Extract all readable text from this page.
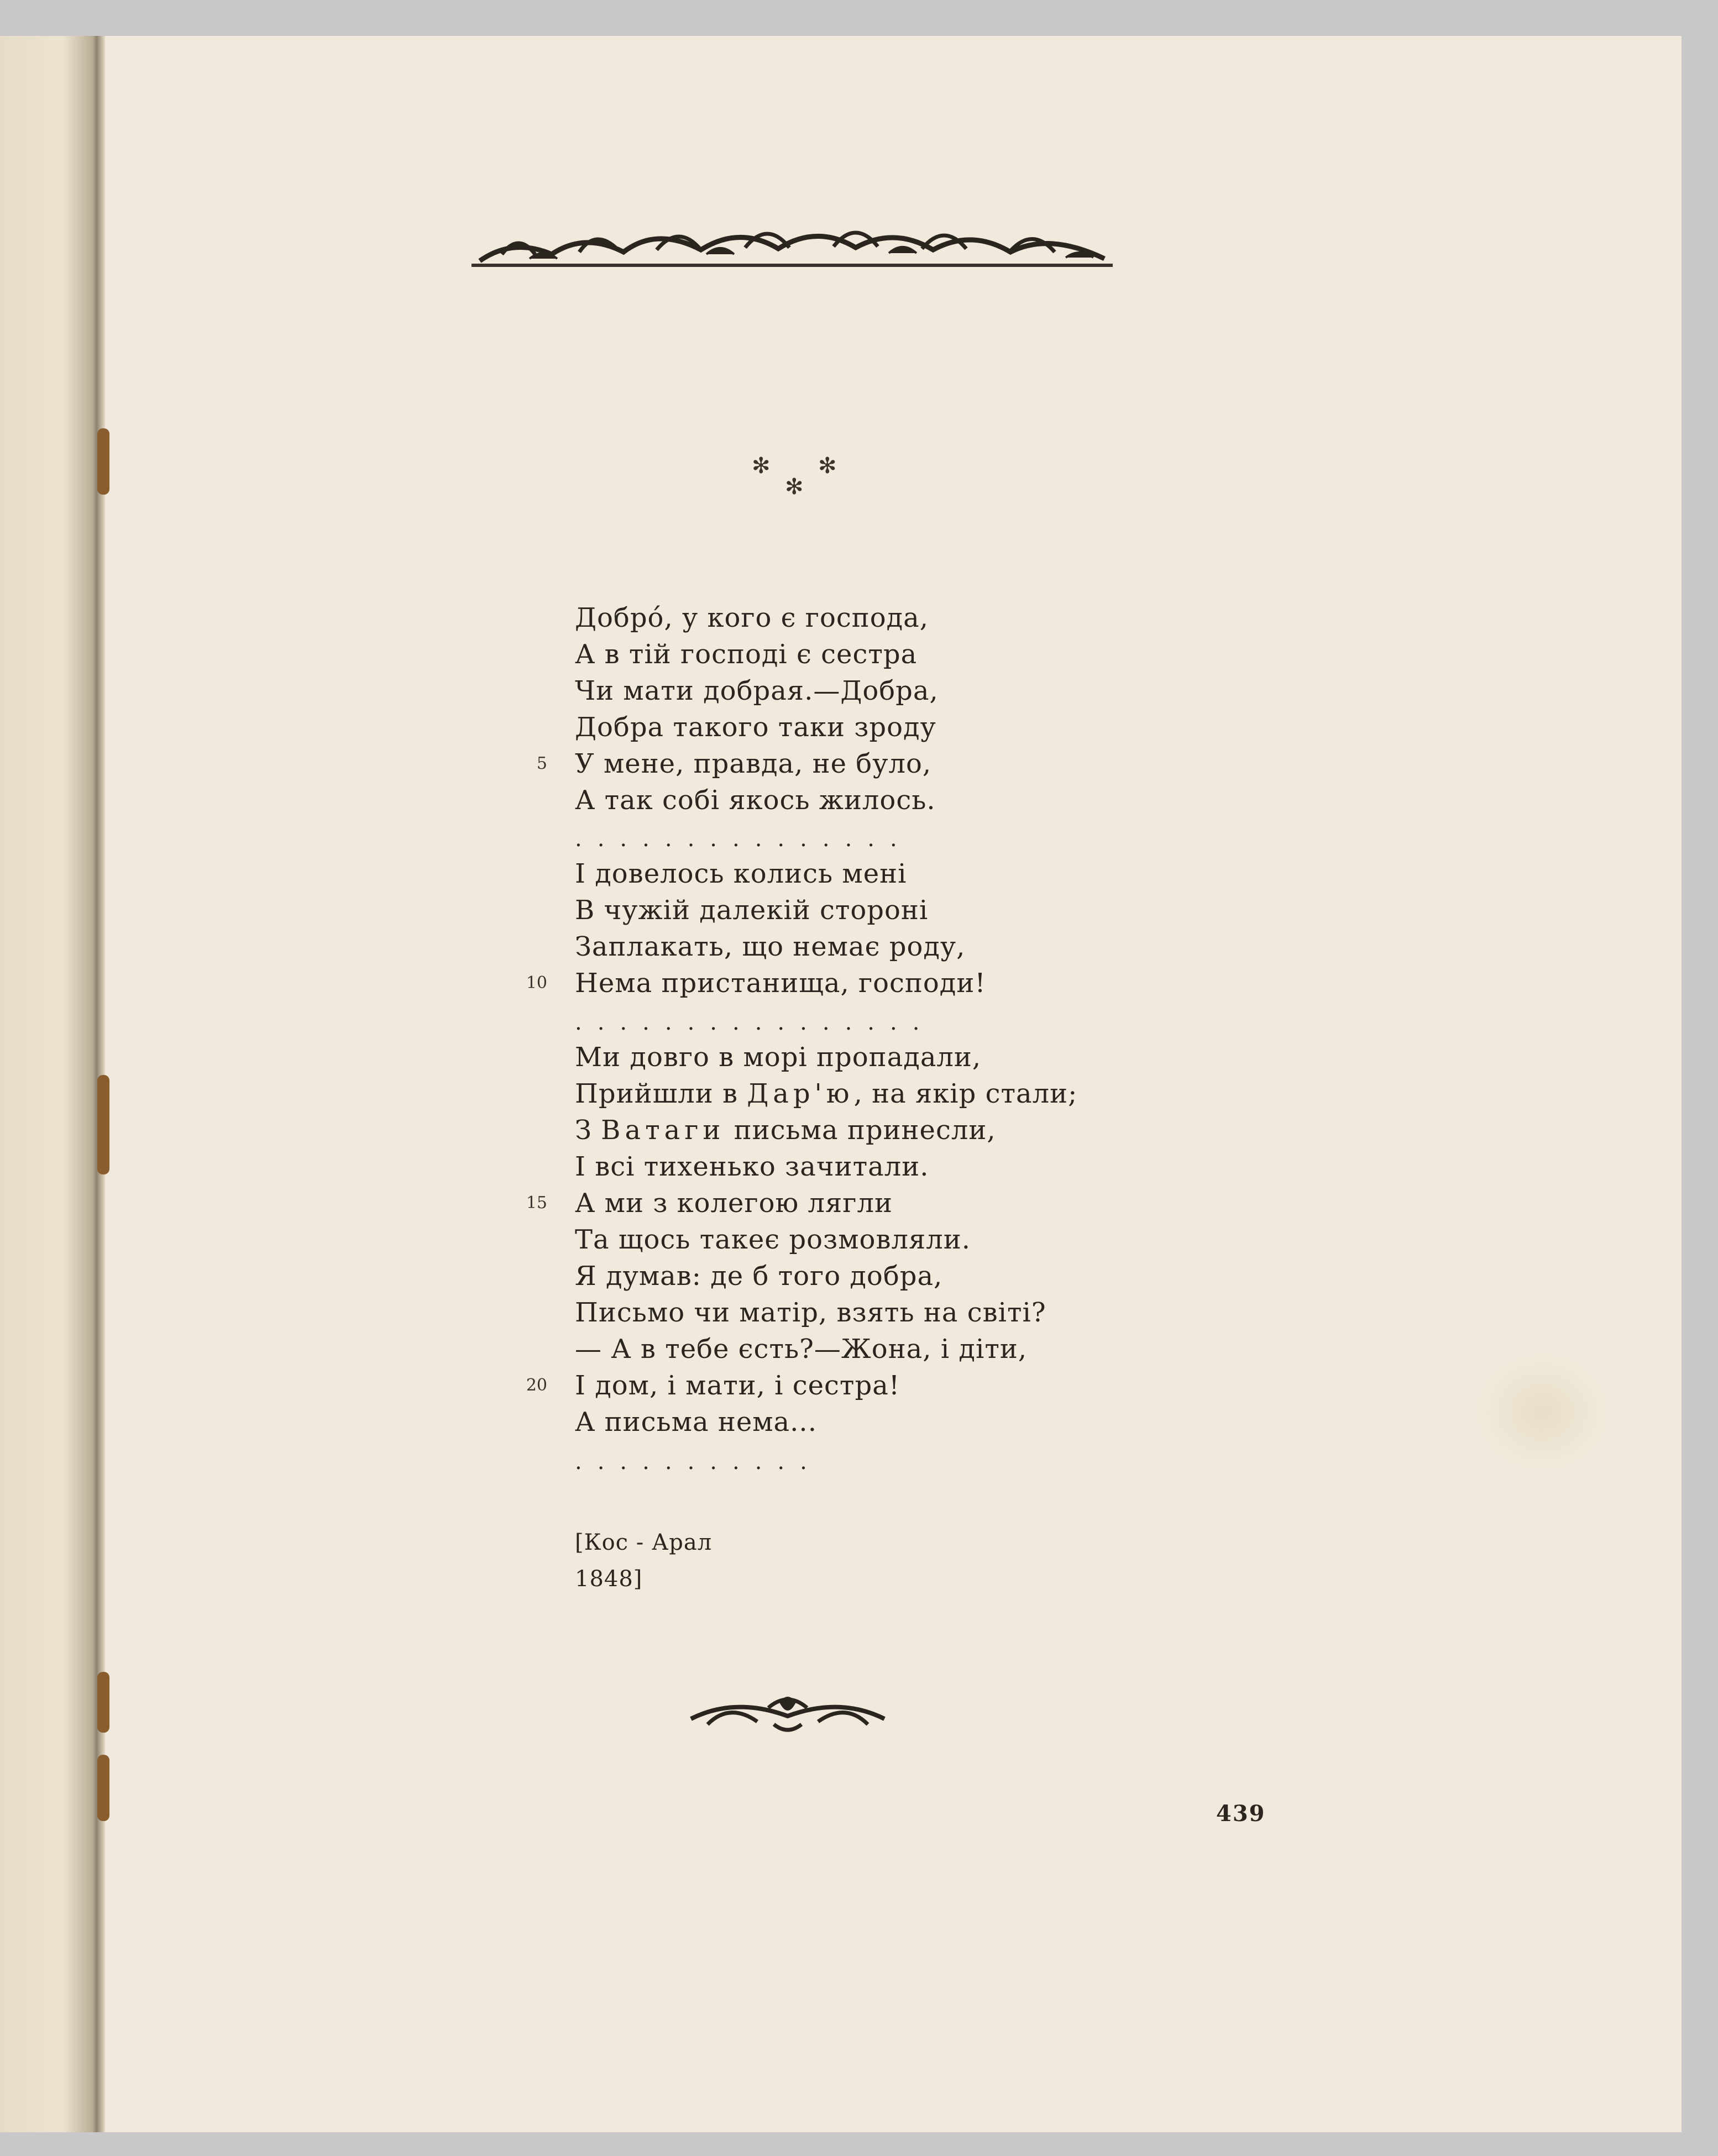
✻ ✻
✻
Добрó, у кого є господа,
А в тій господі є сестра
Чи мати добрая.—Добра,
Добра такого таки зроду
5 У мене, правда, не було,
А так собі якось жилось.
...............
І довелось колись мені
В чужій далекій стороні
Заплакать, що немає роду,
10 Нема пристанища, господи!
................
Ми довго в морі пропадали,
Прийшли в Дар'ю, на якір стали;
З Ватаги письма принесли,
І всі тихенько зачитали.
15 А ми з колегою лягли
Та щось такеє розмовляли.
Я думав: де б того добра,
Письмо чи матір, взять на світі?
— А в тебе єсть?—Жона, і діти,
20 І дом, і мати, і сестра!
А письма нема...
...........
[Кос - Арал
1848]
439
